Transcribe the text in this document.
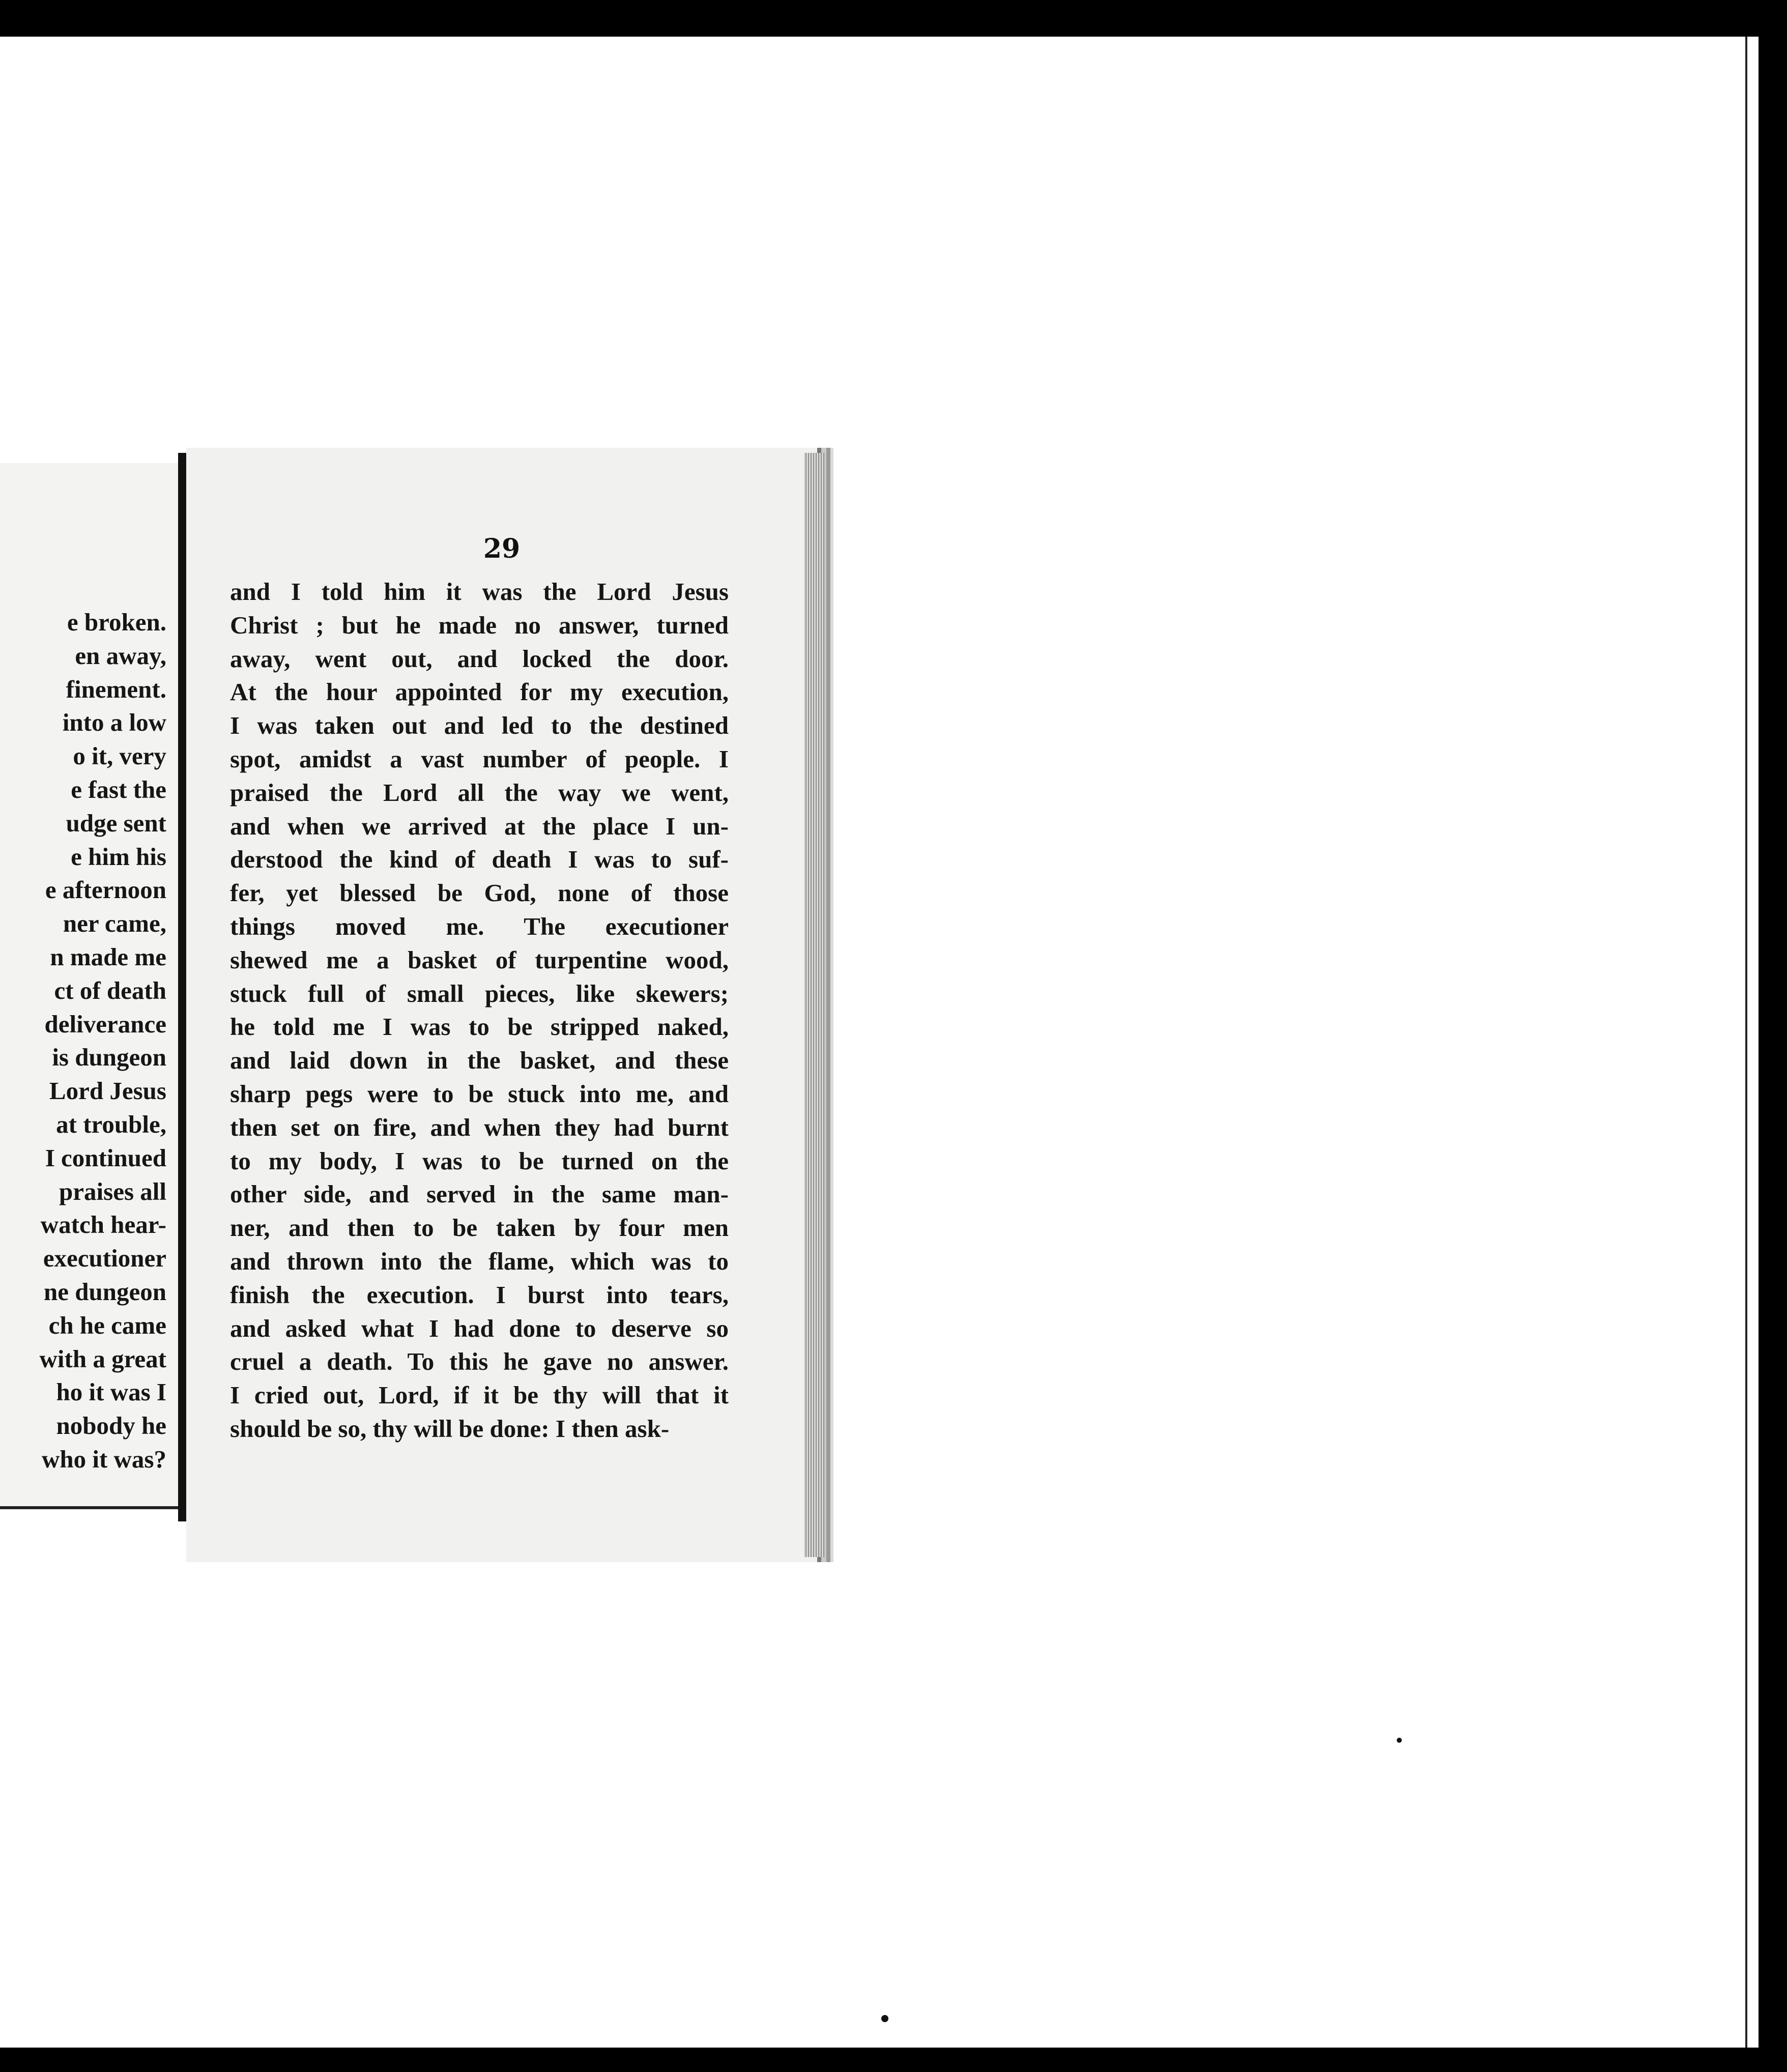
e broken.
en away,
finement.
into a low
o it, very
e fast the
udge sent
e him his
e afternoon
ner came,
n made me
ct of death
deliverance
is dungeon
Lord Jesus
at trouble,
I continued
praises all
watch hear-
executioner
ne dungeon
ch he came
with a great
ho it was I
nobody he
who it was?
29
and I told him it was the Lord Jesus
Christ ; but he made no answer, turned
away, went out, and locked the door.
At the hour appointed for my execution,
I was taken out and led to the destined
spot, amidst a vast number of people. I
praised the Lord all the way we went,
and when we arrived at the place I un-
derstood the kind of death I was to suf-
fer, yet blessed be God, none of those
things moved me. The executioner
shewed me a basket of turpentine wood,
stuck full of small pieces, like skewers;
he told me I was to be stripped naked,
and laid down in the basket, and these
sharp pegs were to be stuck into me, and
then set on fire, and when they had burnt
to my body, I was to be turned on the
other side, and served in the same man-
ner, and then to be taken by four men
and thrown into the flame, which was to
finish the execution. I burst into tears,
and asked what I had done to deserve so
cruel a death. To this he gave no answer.
I cried out, Lord, if it be thy will that it
should be so, thy will be done: I then ask-
